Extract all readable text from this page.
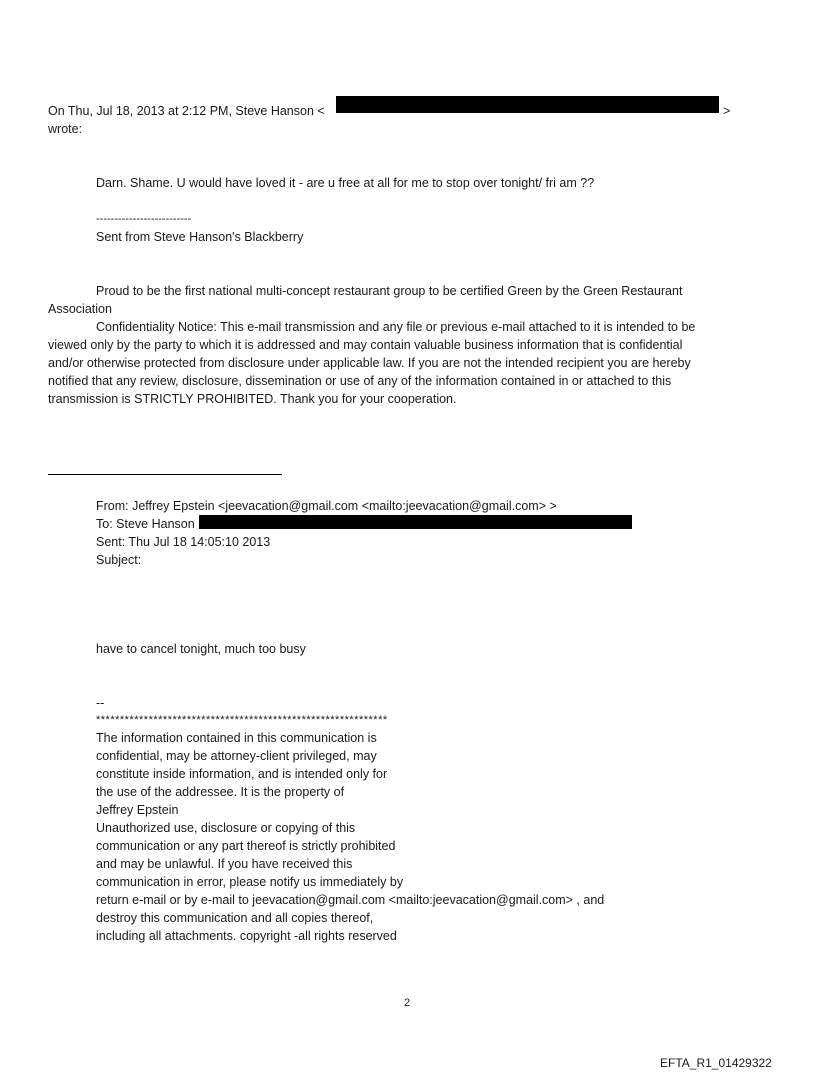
On Thu, Jul 18, 2013 at 2:12 PM, Steve Hanson <	>
wrote:
Darn. Shame. U would have loved it - are u free at all for me to stop over tonight/ fri am ??
--------------------------
Sent from Steve Hanson's Blackberry
Proud to be the first national multi-concept restaurant group to be certified Green by the Green Restaurant
Association
Confidentiality Notice: This e-mail transmission and any file or previous e-mail attached to it is intended to be
viewed only by the party to which it is addressed and may contain valuable business information that is confidential
and/or otherwise protected from disclosure under applicable law. If you are not the intended recipient you are hereby
notified that any review, disclosure, dissemination or use of any of the information contained in or attached to this
transmission is STRICTLY PROHIBITED. Thank you for your cooperation.
From: Jeffrey Epstein <jeevacation@gmail.com <mailto:jeevacation@gmail.com> >
To: Steve Hanson
Sent: Thu Jul 18 14:05:10 2013
Subject:
have to cancel tonight, much too busy
--
*************************************************************
The information contained in this communication is
confidential, may be attorney-client privileged, may
constitute inside information, and is intended only for
the use of the addressee. It is the property of
Jeffrey Epstein
Unauthorized use, disclosure or copying of this
communication or any part thereof is strictly prohibited
and may be unlawful. If you have received this
communication in error, please notify us immediately by
return e-mail or by e-mail to jeevacation@gmail.com <mailto:jeevacation@gmail.com> , and
destroy this communication and all copies thereof,
including all attachments. copyright -all rights reserved
2
EFTA_R1_01429322
